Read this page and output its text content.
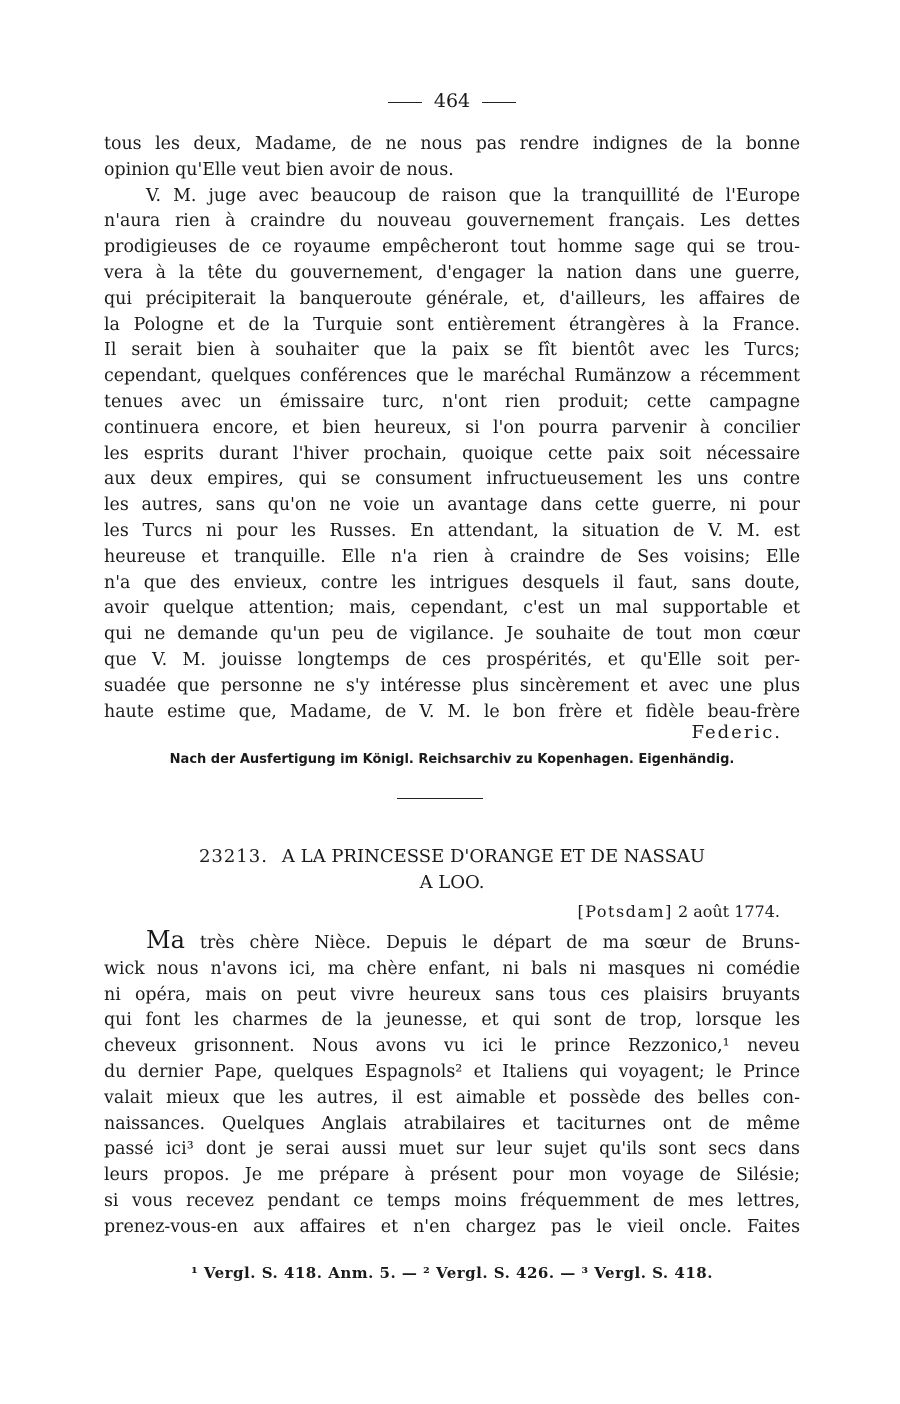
464
tous les deux, Madame, de ne nous pas rendre indignes de la bonne
opinion qu'Elle veut bien avoir de nous.
V. M. juge avec beaucoup de raison que la tranquillité de l'Europe
n'aura rien à craindre du nouveau gouvernement français. Les dettes
prodigieuses de ce royaume empêcheront tout homme sage qui se trou-
vera à la tête du gouvernement, d'engager la nation dans une guerre,
qui précipiterait la banqueroute générale, et, d'ailleurs, les affaires de
la Pologne et de la Turquie sont entièrement étrangères à la France.
Il serait bien à souhaiter que la paix se fît bientôt avec les Turcs;
cependant, quelques conférences que le maréchal Rumänzow a récemment
tenues avec un émissaire turc, n'ont rien produit; cette campagne
continuera encore, et bien heureux, si l'on pourra parvenir à concilier
les esprits durant l'hiver prochain, quoique cette paix soit nécessaire
aux deux empires, qui se consument infructueusement les uns contre
les autres, sans qu'on ne voie un avantage dans cette guerre, ni pour
les Turcs ni pour les Russes. En attendant, la situation de V. M. est
heureuse et tranquille. Elle n'a rien à craindre de Ses voisins; Elle
n'a que des envieux, contre les intrigues desquels il faut, sans doute,
avoir quelque attention; mais, cependant, c'est un mal supportable et
qui ne demande qu'un peu de vigilance. Je souhaite de tout mon cœur
que V. M. jouisse longtemps de ces prospérités, et qu'Elle soit per-
suadée que personne ne s'y intéresse plus sincèrement et avec une plus
haute estime que, Madame, de V. M. le bon frère et fidèle beau-frère
Federic.
Nach der Ausfertigung im Königl. Reichsarchiv zu Kopenhagen. Eigenhändig.
23213. A LA PRINCESSE D'ORANGE ET DE NASSAU
A LOO.
[Potsdam] 2 août 1774.
Ma très chère Nièce. Depuis le départ de ma sœur de Bruns-
wick nous n'avons ici, ma chère enfant, ni bals ni masques ni comédie
ni opéra, mais on peut vivre heureux sans tous ces plaisirs bruyants
qui font les charmes de la jeunesse, et qui sont de trop, lorsque les
cheveux grisonnent. Nous avons vu ici le prince Rezzonico,¹ neveu
du dernier Pape, quelques Espagnols² et Italiens qui voyagent; le Prince
valait mieux que les autres, il est aimable et possède des belles con-
naissances. Quelques Anglais atrabilaires et taciturnes ont de même
passé ici³ dont je serai aussi muet sur leur sujet qu'ils sont secs dans
leurs propos. Je me prépare à présent pour mon voyage de Silésie;
si vous recevez pendant ce temps moins fréquemment de mes lettres,
prenez-vous-en aux affaires et n'en chargez pas le vieil oncle. Faites
¹ Vergl. S. 418. Anm. 5. — ² Vergl. S. 426. — ³ Vergl. S. 418.
